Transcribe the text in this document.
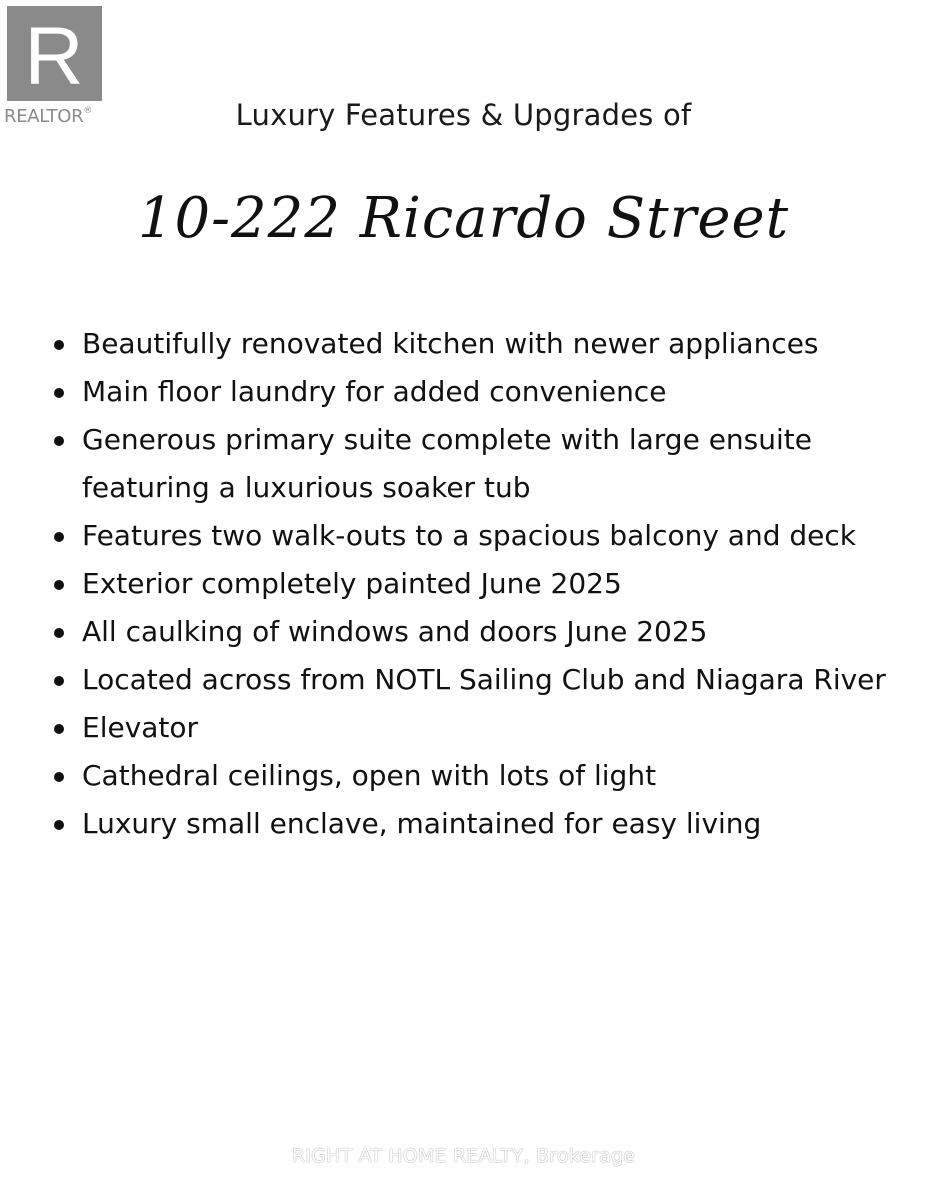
R
REALTOR®	Luxury Features & Upgrades of
10-222 Ricardo Street
Beautifully renovated kitchen with newer appliances
Main floor laundry for added convenience
Generous primary suite complete with large ensuite featuring a luxurious soaker tub
Features two walk-outs to a spacious balcony and deck
Exterior completely painted June 2025
All caulking of windows and doors June 2025
Located across from NOTL Sailing Club and Niagara River
Elevator
Cathedral ceilings, open with lots of light
Luxury small enclave, maintained for easy living
RIGHT AT HOME REALTY, Brokerage
